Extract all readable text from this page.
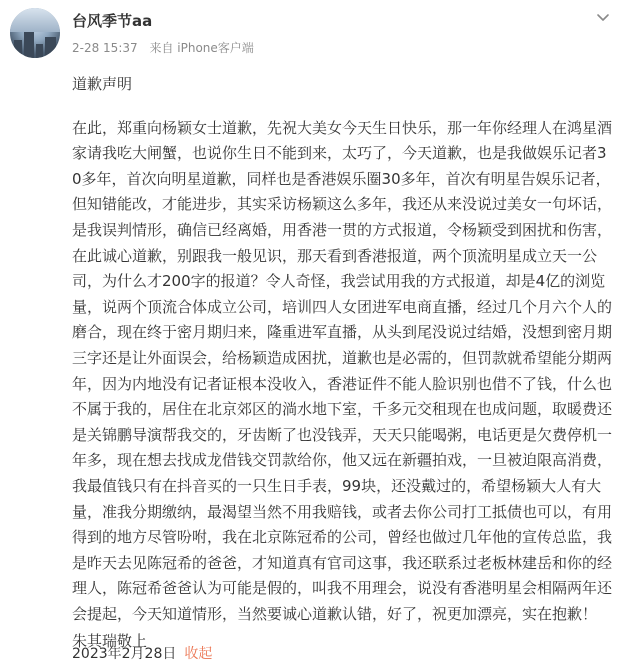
台风季节aa
2-28 15:37 来自 iPhone客户端

道歉声明

在此，郑重向杨颖女士道歉，先祝大美女今天生日快乐，那一年你经理人在鸿星酒家请我吃大闸蟹，也说你生日不能到来，太巧了，今天道歉，也是我做娱乐记者30多年，首次向明星道歉，同样也是香港娱乐圈30多年，首次有明星告娱乐记者，但知错能改，才能进步，其实采访杨颖这么多年，我还从来没说过美女一句坏话，是我误判情形，确信已经离婚，用香港一贯的方式报道，令杨颖受到困扰和伤害，在此诚心道歉，别跟我一般见识，那天看到香港报道，两个顶流明星成立天一公司，为什么才200字的报道？令人奇怪，我尝试用我的方式报道，却是4亿的浏览量，说两个顶流合体成立公司，培训四人女团进军电商直播，经过几个月六个人的磨合，现在终于密月期归来，隆重进军直播，从头到尾没说过结婚，没想到密月期三字还是让外面误会，给杨颖造成困扰，道歉也是必需的，但罚款就希望能分期两年，因为内地没有记者证根本没收入，香港证件不能人脸识别也借不了钱，什么也不属于我的，居住在北京郊区的淌水地下室，千多元交租现在也成问题，取暖费还是关锦鹏导演帮我交的，牙齿断了也没钱弄，天天只能喝粥，电话更是欠费停机一年多，现在想去找成龙借钱交罚款给你，他又远在新疆拍戏，一旦被迫限高消费，我最值钱只有在抖音买的一只生日手表，99块，还没戴过的，希望杨颖大人有大量，准我分期缴纳，最渴望当然不用我赔钱，或者去你公司打工抵债也可以，有用得到的地方尽管吩咐，我在北京陈冠希的公司，曾经也做过几年他的宣传总监，我是昨天去见陈冠希的爸爸，才知道真有官司这事，我还联系过老板林建岳和你的经理人，陈冠希爸爸认为可能是假的，叫我不用理会，说没有香港明星会相隔两年还会提起，今天知道情形，当然要诚心道歉认错，好了，祝更加漂亮，实在抱歉！

朱其瑞敬上

2023年2月28日 收起
